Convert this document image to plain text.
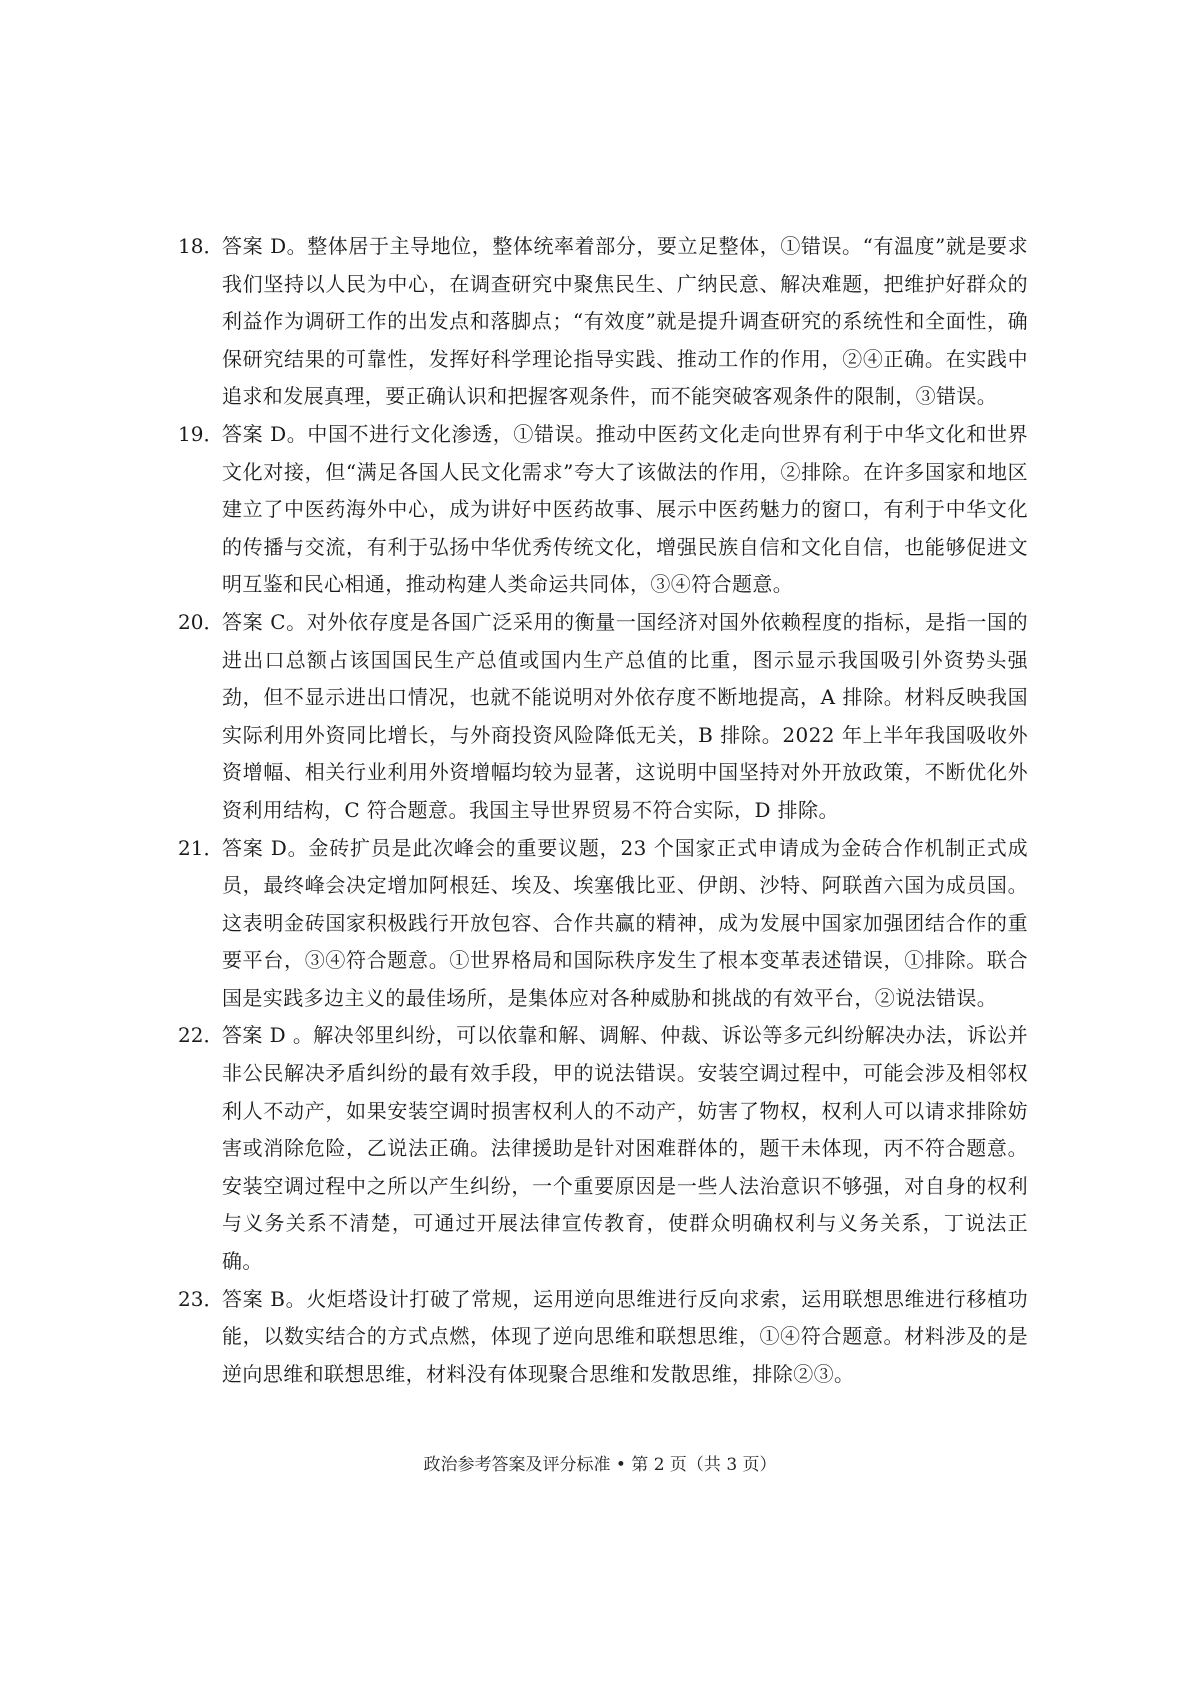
18．
答案 D。整体居于主导地位，整体统率着部分，要立足整体，①错误。“有温度”就是要求我们坚持以人民为中心，在调查研究中聚焦民生、广纳民意、解决难题，把维护好群众的利益作为调研工作的出发点和落脚点；“有效度”就是提升调查研究的系统性和全面性，确保研究结果的可靠性，发挥好科学理论指导实践、推动工作的作用，②④正确。在实践中追求和发展真理，要正确认识和把握客观条件，而不能突破客观条件的限制，③错误。
19．
答案 D。中国不进行文化渗透，①错误。推动中医药文化走向世界有利于中华文化和世界文化对接，但“满足各国人民文化需求”夸大了该做法的作用，②排除。在许多国家和地区建立了中医药海外中心，成为讲好中医药故事、展示中医药魅力的窗口，有利于中华文化的传播与交流，有利于弘扬中华优秀传统文化，增强民族自信和文化自信，也能够促进文明互鉴和民心相通，推动构建人类命运共同体，③④符合题意。
20．
答案 C。对外依存度是各国广泛采用的衡量一国经济对国外依赖程度的指标，是指一国的进出口总额占该国国民生产总值或国内生产总值的比重，图示显示我国吸引外资势头强劲，但不显示进出口情况，也就不能说明对外依存度不断地提高，A 排除。材料反映我国实际利用外资同比增长，与外商投资风险降低无关，B 排除。2022 年上半年我国吸收外资增幅、相关行业利用外资增幅均较为显著，这说明中国坚持对外开放政策，不断优化外资利用结构，C 符合题意。我国主导世界贸易不符合实际，D 排除。
21．
答案 D。金砖扩员是此次峰会的重要议题，23 个国家正式申请成为金砖合作机制正式成员，最终峰会决定增加阿根廷、埃及、埃塞俄比亚、伊朗、沙特、阿联酋六国为成员国。这表明金砖国家积极践行开放包容、合作共赢的精神，成为发展中国家加强团结合作的重要平台，③④符合题意。①世界格局和国际秩序发生了根本变革表述错误，①排除。联合国是实践多边主义的最佳场所，是集体应对各种威胁和挑战的有效平台，②说法错误。
22．
答案 D 。解决邻里纠纷，可以依靠和解、调解、仲裁、诉讼等多元纠纷解决办法，诉讼并非公民解决矛盾纠纷的最有效手段，甲的说法错误。安装空调过程中，可能会涉及相邻权利人不动产，如果安装空调时损害权利人的不动产，妨害了物权，权利人可以请求排除妨害或消除危险，乙说法正确。法律援助是针对困难群体的，题干未体现，丙不符合题意。安装空调过程中之所以产生纠纷，一个重要原因是一些人法治意识不够强，对自身的权利与义务关系不清楚，可通过开展法律宣传教育，使群众明确权利与义务关系，丁说法正确。
23．
答案 B。火炬塔设计打破了常规，运用逆向思维进行反向求索，运用联想思维进行移植功能，以数实结合的方式点燃，体现了逆向思维和联想思维，①④符合题意。材料涉及的是逆向思维和联想思维，材料没有体现聚合思维和发散思维，排除②③。
政治参考答案及评分标准 • 第 2 页（共 3 页）
